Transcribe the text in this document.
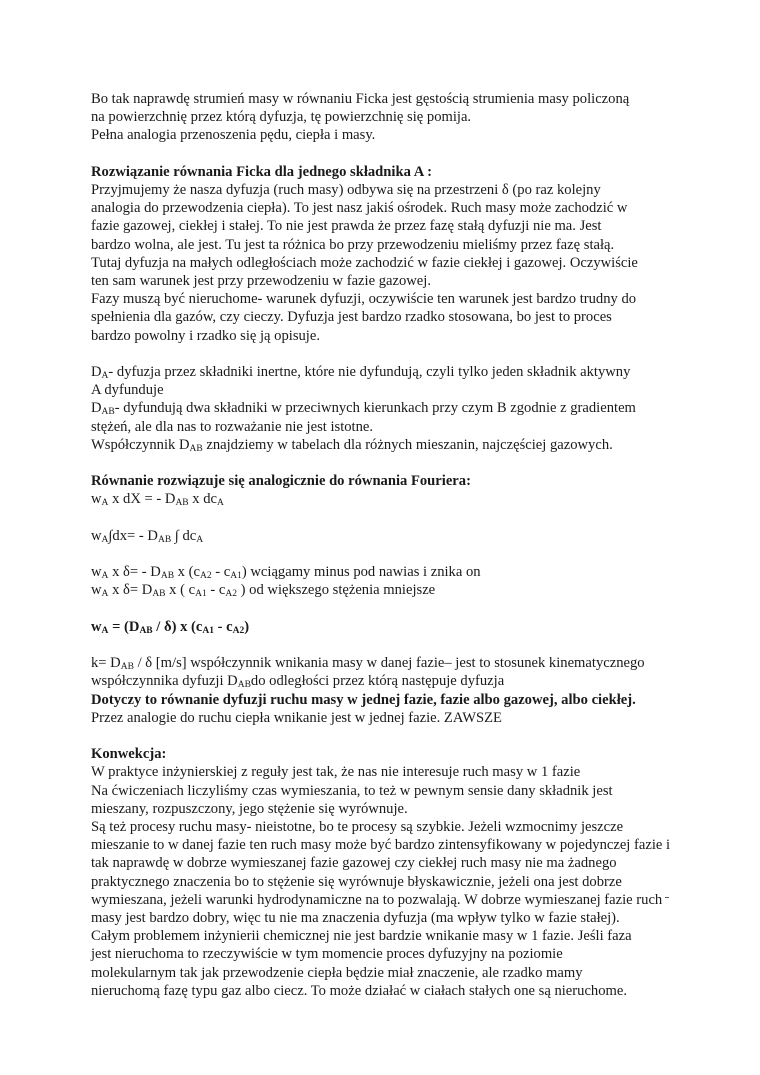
Bo tak naprawdę strumień masy w równaniu Ficka jest gęstością strumienia masy policzoną

na powierzchnię przez którą dyfuzja, tę powierzchnię się pomija.

Pełna analogia przenoszenia pędu, ciepła i masy.

Rozwiązanie równania Ficka dla jednego składnika A :

Przyjmujemy że nasza dyfuzja (ruch masy) odbywa się na przestrzeni δ (po raz kolejny

analogia do przewodzenia ciepła). To jest nasz jakiś ośrodek. Ruch masy może zachodzić w

fazie gazowej, ciekłej i stałej. To nie jest prawda że przez fazę stałą dyfuzji nie ma. Jest

bardzo wolna, ale jest. Tu jest ta różnica bo przy przewodzeniu mieliśmy przez fazę stałą.

Tutaj dyfuzja na małych odległościach może zachodzić w fazie ciekłej i gazowej. Oczywiście

ten sam warunek jest przy przewodzeniu w fazie gazowej.

Fazy muszą być nieruchome- warunek dyfuzji, oczywiście ten warunek jest bardzo trudny do

spełnienia dla gazów, czy cieczy. Dyfuzja jest bardzo rzadko stosowana, bo jest to proces

bardzo powolny i rzadko się ją opisuje.

$D_A-$ dyfuzja przez składniki inertne, które nie dyfundują, czyli tylko jeden składnik aktywny

A dyfunduje

$D_{AB}-$ dyfundują dwa składniki w przeciwnych kierunkach przy czym B zgodnie z gradientem

stężeń, ale dla nas to rozważanie nie jest istotne.

Współczynnik $D_{AB}$ znajdziemy w tabelach dla różnych mieszanin, najczęściej gazowych.

Równanie rozwiązuje się analogicznie do równania Fouriera:

$w_A$ x dX = - $D_{AB}$ x $dc_A$

$w_A\int dx= - D_{AB}$ ∫ $dc_A$

$w_A$ x $\delta= - D_{AB}$ x $(c_{A2} - c_{A1})$ wciągamy minus pod nawias i znika on

$w_A$ x $\delta= D_{AB}$ x ( $c_{A1} - c_{A2}$ ) od większego stężenia mniejsze

$w_A = (D_{AB} / \delta)$ x $(c_{A1} - c_{A2})$

$k= D_{AB} / \delta$ [m/s] współczynnik wnikania masy w danej fazie– jest to stosunek kinematycznego

współczynnika dyfuzji $D_{AB}do$ odległości przez którą następuje dyfuzja

Dotyczy to równanie dyfuzji ruchu masy w jednej fazie, fazie albo gazowej, albo ciekłej.

Przez analogie do ruchu ciepła wnikanie jest w jednej fazie. ZAWSZE

Konwekcja:

W praktyce inżynierskiej z reguły jest tak, że nas nie interesuje ruch masy w 1 fazie

Na ćwiczeniach liczyliśmy czas wymieszania, to też w pewnym sensie dany składnik jest

mieszany, rozpuszczony, jego stężenie się wyrównuje.

Są też procesy ruchu masy- nieistotne, bo te procesy są szybkie. Jeżeli wzmocnimy jeszcze

mieszanie to w danej fazie ten ruch masy może być bardzo zintensyfikowany w pojedynczej fazie i

tak naprawdę w dobrze wymieszanej fazie gazowej czy ciekłej ruch masy nie ma żadnego

praktycznego znaczenia bo to stężenie się wyrównuje błyskawicznie, jeżeli ona jest dobrze

wymieszana, jeżeli warunki hydrodynamiczne na to pozwalają. W dobrze wymieszanej fazie ruch

masy jest bardzo dobry, więc tu nie ma znaczenia dyfuzja (ma wpływ tylko w fazie stałej).

Całym problemem inżynierii chemicznej nie jest bardzie wnikanie masy w 1 fazie. Jeśli faza

jest nieruchoma to rzeczywiście w tym momencie proces dyfuzyjny na poziomie

molekularnym tak jak przewodzenie ciepła będzie miał znaczenie, ale rzadko mamy

nieruchomą fazę typu gaz albo ciecz. To może działać w ciałach stałych one są nieruchome.
